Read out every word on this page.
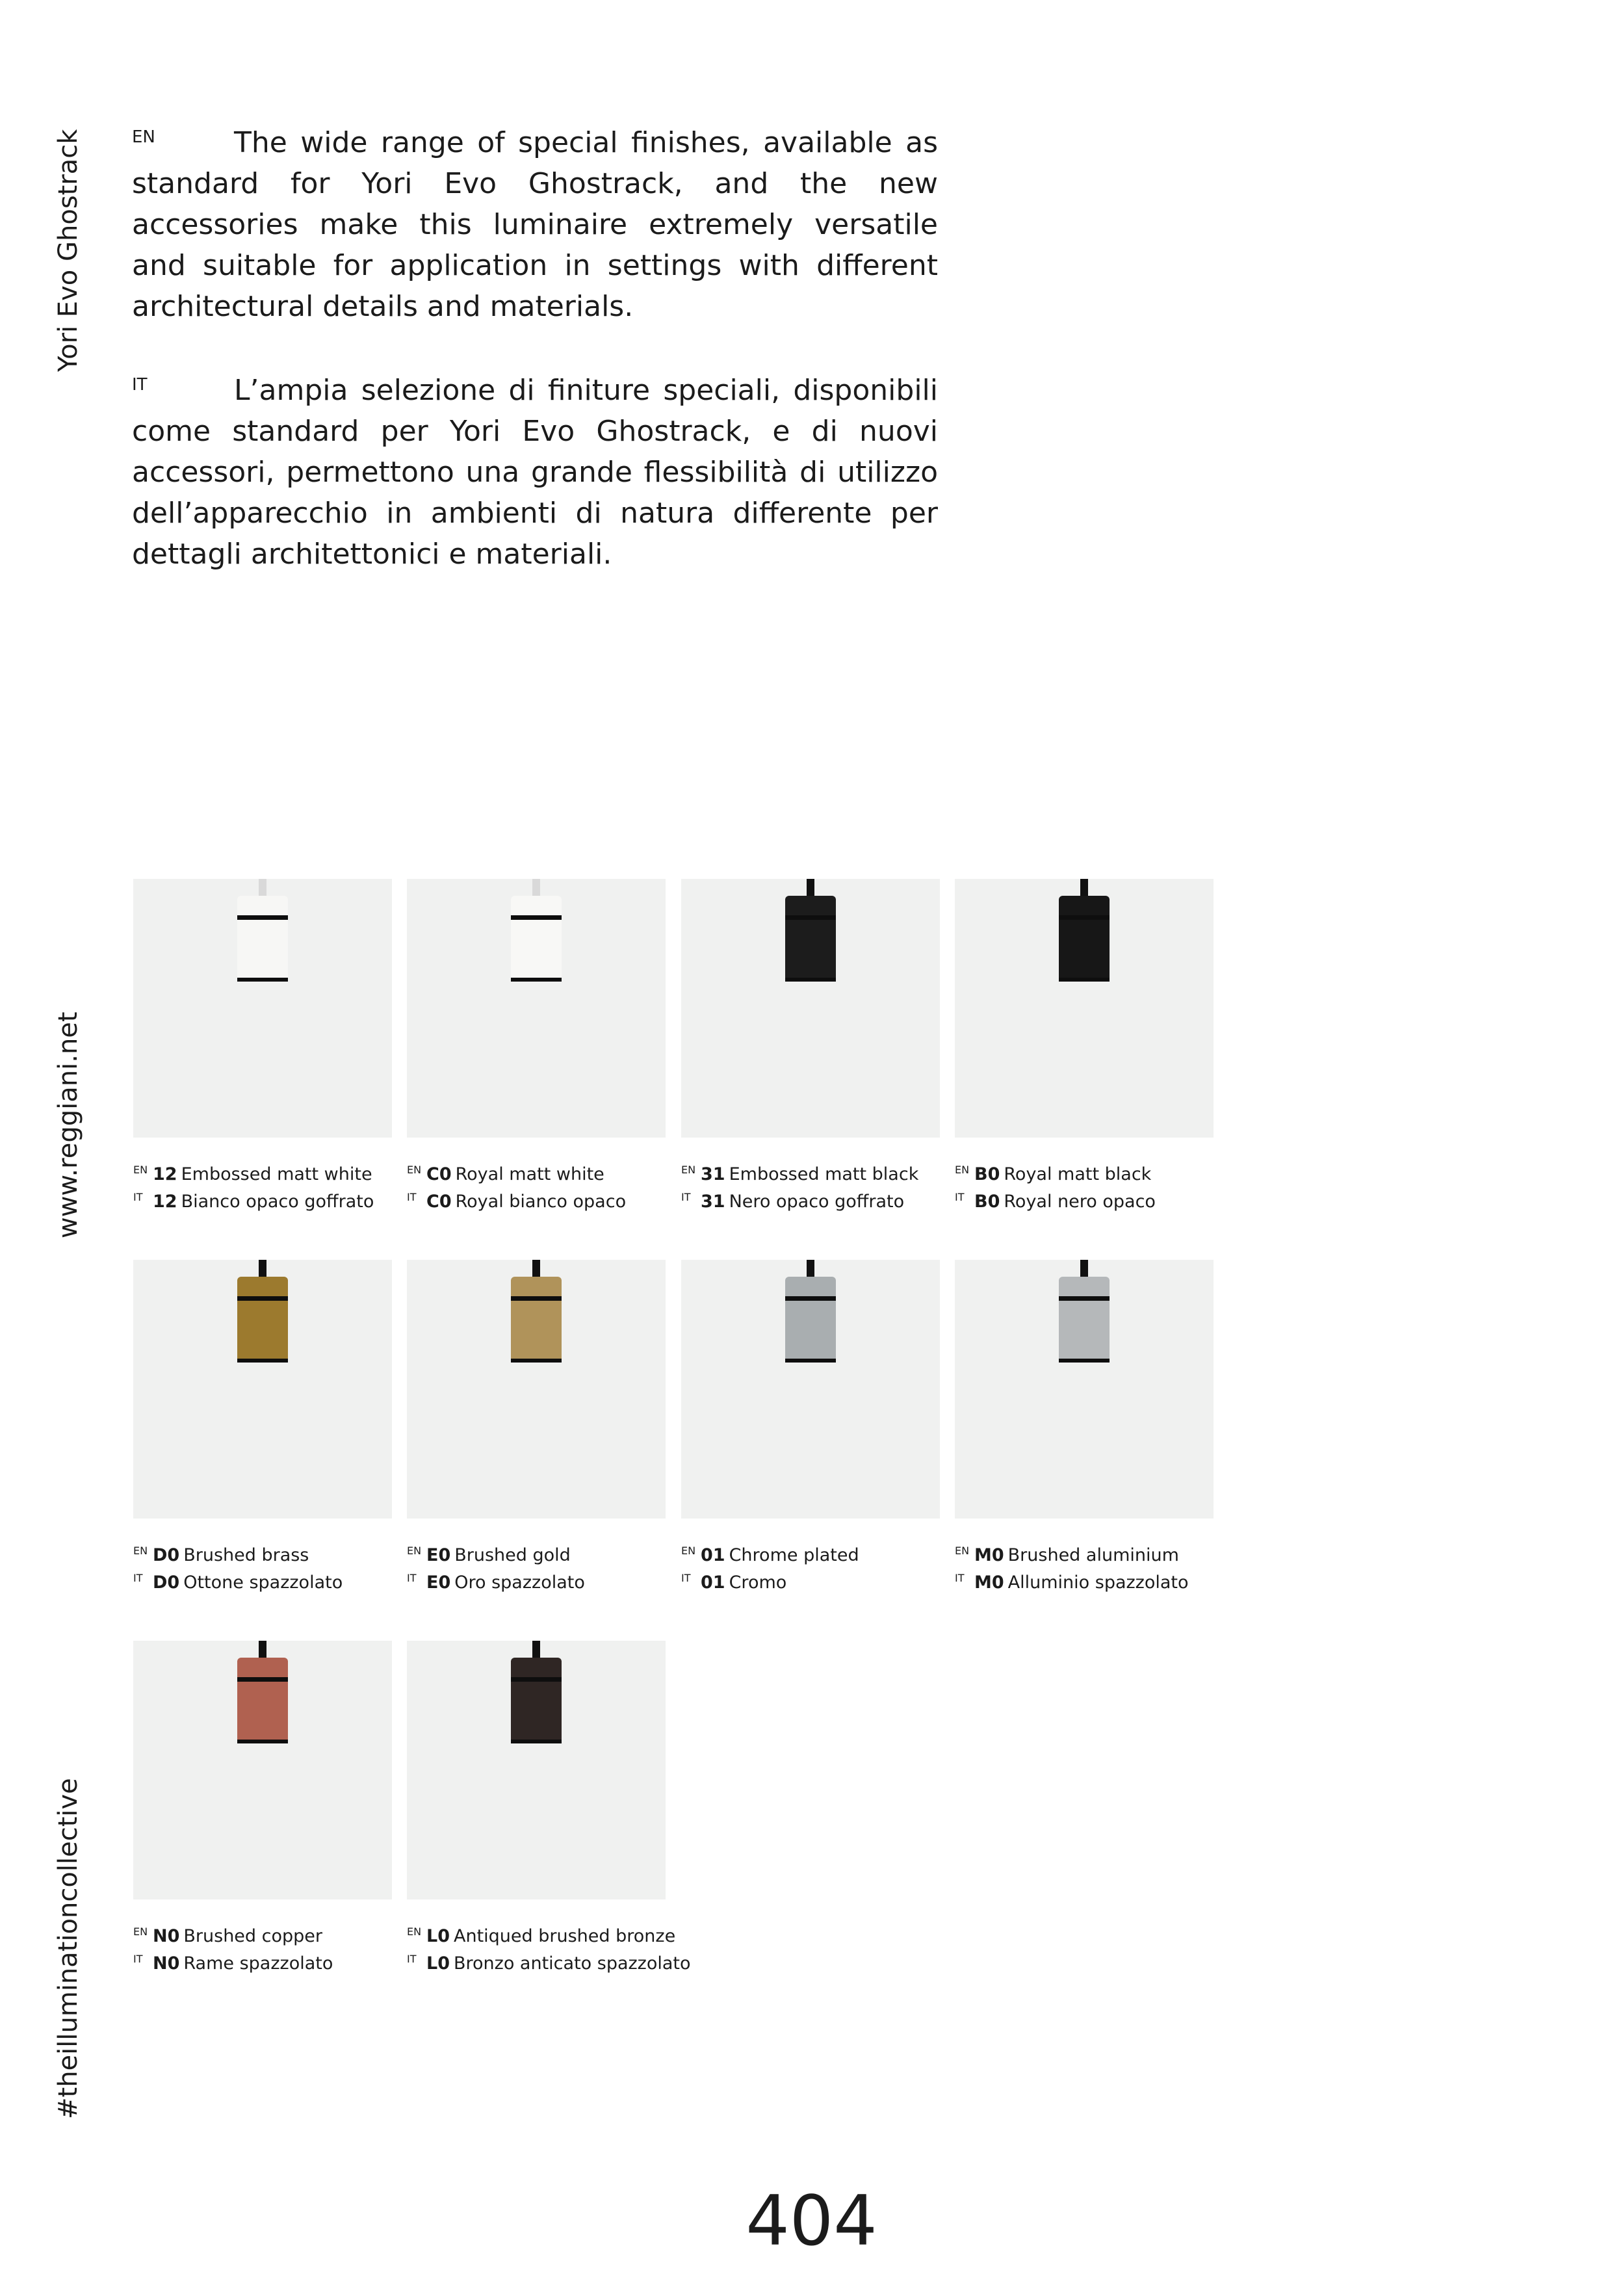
Yori Evo Ghostrack
www.reggiani.net
#theilluminationcollective
EN	The wide range of special finishes, available as standard for Yori Evo Ghostrack, and the new accessories make this luminaire extremely versatile and suitable for application in settings with different architectural details and materials.
IT	L’ampia selezione di finiture speciali, disponibili come standard per Yori Evo Ghostrack, e di nuovi accessori, permettono una grande flessibilità di utilizzo dell’apparecchio in ambienti di natura differente per dettagli architettonici e materiali.
EN 12 Embossed matt white
IT 12 Bianco opaco goffrato
EN C0 Royal matt white
IT C0 Royal bianco opaco
EN 31 Embossed matt black
IT 31 Nero opaco goffrato
EN B0 Royal matt black
IT B0 Royal nero opaco
EN D0 Brushed brass
IT D0 Ottone spazzolato
EN E0 Brushed gold
IT E0 Oro spazzolato
EN 01 Chrome plated
IT 01 Cromo
EN M0 Brushed aluminium
IT M0 Alluminio spazzolato
EN N0 Brushed copper
IT N0 Rame spazzolato
EN L0 Antiqued brushed bronze
IT L0 Bronzo anticato spazzolato
404
